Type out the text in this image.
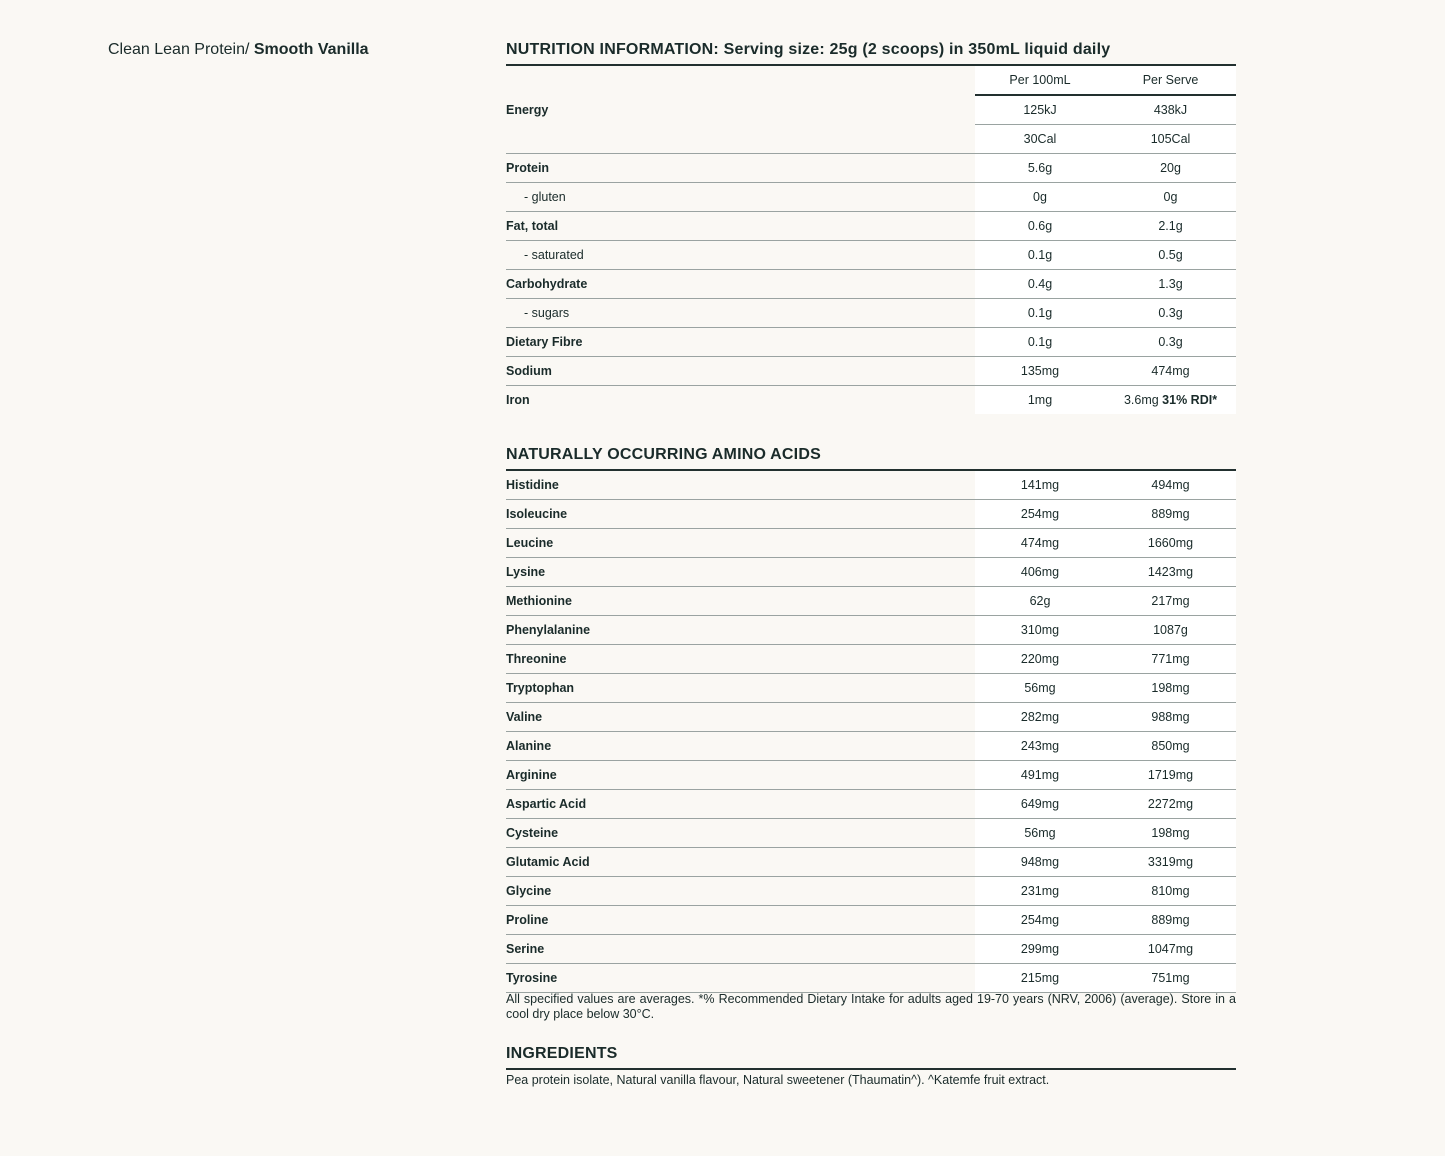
Clean Lean Protein/ Smooth Vanilla	NUTRITION INFORMATION: Serving size: 25g (2 scoops) in 350mL liquid daily
	Per 100mL	Per Serve
Energy	125kJ	438kJ
	30Cal	105Cal
Protein	5.6g	20g
- gluten	0g	0g
Fat, total	0.6g	2.1g
- saturated	0.1g	0.5g
Carbohydrate	0.4g	1.3g
- sugars	0.1g	0.3g
Dietary Fibre	0.1g	0.3g
Sodium	135mg	474mg
Iron	1mg	3.6mg 31% RDI*
NATURALLY OCCURRING AMINO ACIDS
Histidine	141mg	494mg
Isoleucine	254mg	889mg
Leucine	474mg	1660mg
Lysine	406mg	1423mg
Methionine	62g	217mg
Phenylalanine	310mg	1087g
Threonine	220mg	771mg
Tryptophan	56mg	198mg
Valine	282mg	988mg
Alanine	243mg	850mg
Arginine	491mg	1719mg
Aspartic Acid	649mg	2272mg
Cysteine	56mg	198mg
Glutamic Acid	948mg	3319mg
Glycine	231mg	810mg
Proline	254mg	889mg
Serine	299mg	1047mg
Tyrosine	215mg	751mg
All specified values are averages. *% Recommended Dietary Intake for adults aged 19-70 years (NRV, 2006) (average). Store in a cool dry place below 30°C.
INGREDIENTS
Pea protein isolate, Natural vanilla flavour, Natural sweetener (Thaumatin^). ^Katemfe fruit extract.
